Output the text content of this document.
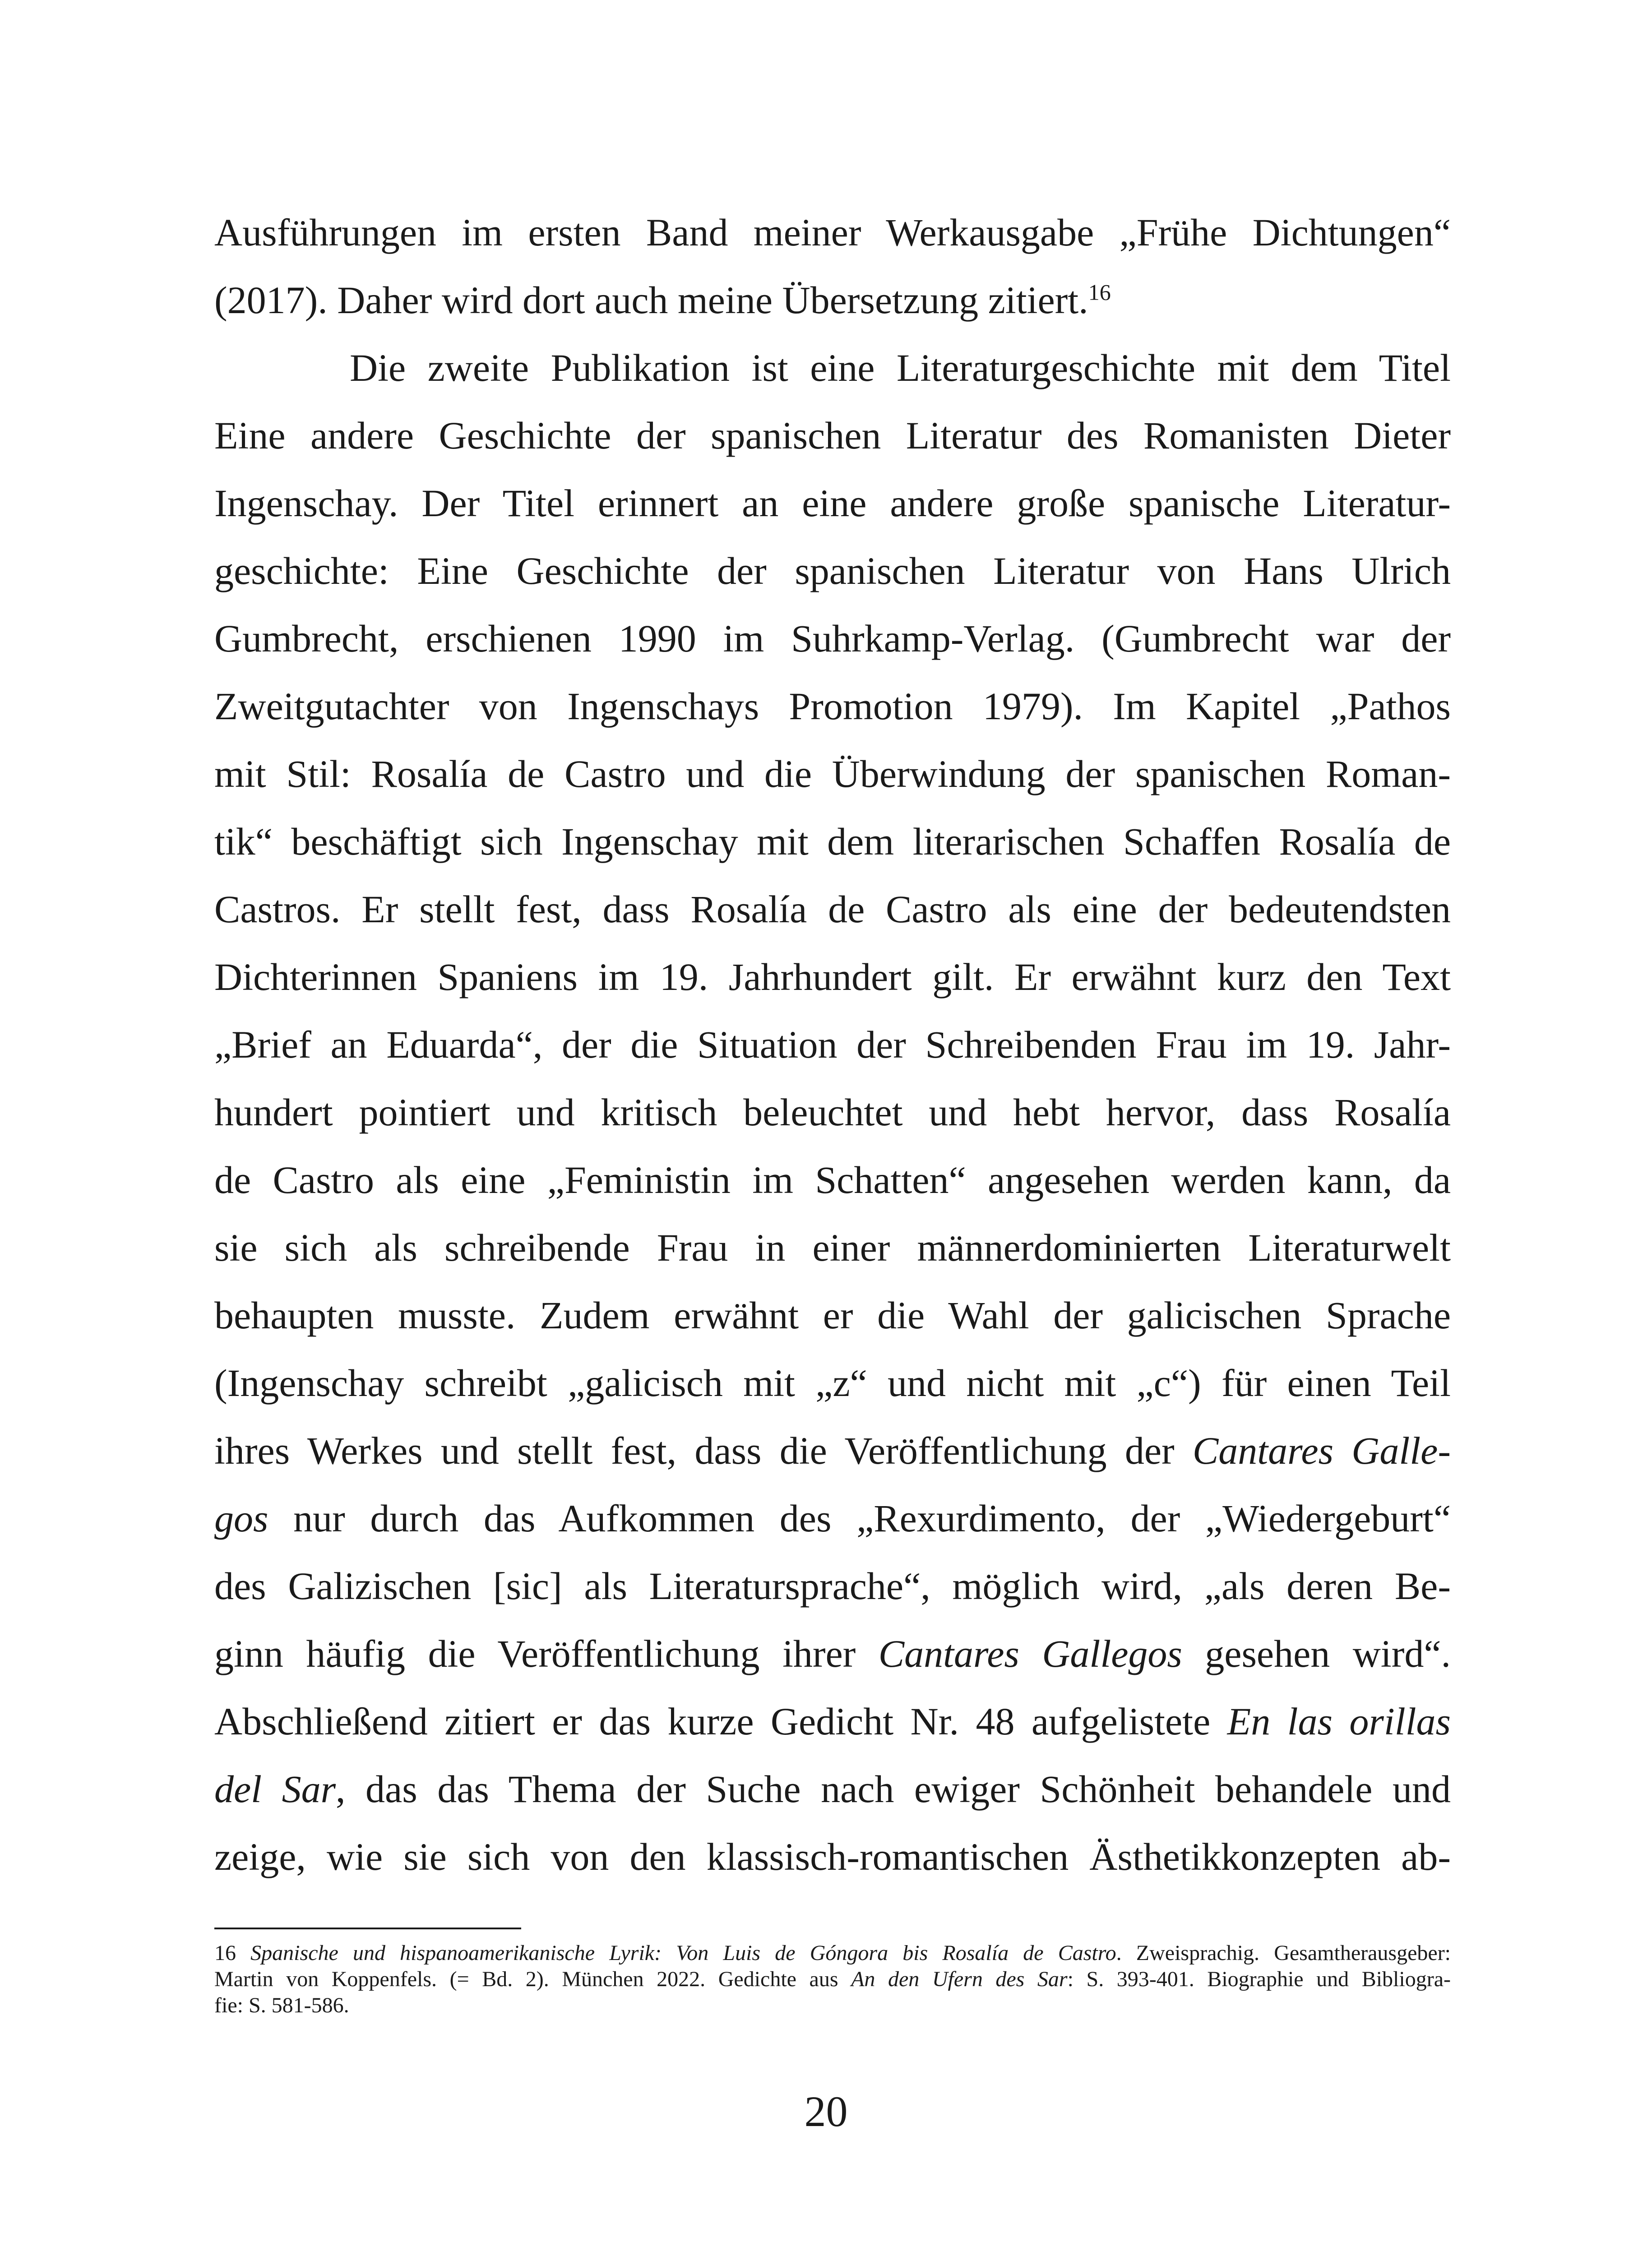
Ausführungen im ersten Band meiner Werkausgabe „Frühe Dichtungen“
(2017). Daher wird dort auch meine Übersetzung zitiert.$^{16}$
Die zweite Publikation ist eine Literaturgeschichte mit dem Titel
Eine andere Geschichte der spanischen Literatur des Romanisten Dieter
Ingenschay. Der Titel erinnert an eine andere große spanische Literatur-
geschichte: Eine Geschichte der spanischen Literatur von Hans Ulrich
Gumbrecht, erschienen 1990 im Suhrkamp-Verlag. (Gumbrecht war der
Zweitgutachter von Ingenschays Promotion 1979). Im Kapitel „Pathos
mit Stil: Rosalía de Castro und die Überwindung der spanischen Roman-
tik“ beschäftigt sich Ingenschay mit dem literarischen Schaffen Rosalía de
Castros. Er stellt fest, dass Rosalía de Castro als eine der bedeutendsten
Dichterinnen Spaniens im 19. Jahrhundert gilt. Er erwähnt kurz den Text
„Brief an Eduarda“, der die Situation der Schreibenden Frau im 19. Jahr-
hundert pointiert und kritisch beleuchtet und hebt hervor, dass Rosalía
de Castro als eine „Feministin im Schatten“ angesehen werden kann, da
sie sich als schreibende Frau in einer männerdominierten Literaturwelt
behaupten musste. Zudem erwähnt er die Wahl der galicischen Sprache
(Ingenschay schreibt „galicisch mit „z“ und nicht mit „c“) für einen Teil
ihres Werkes und stellt fest, dass die Veröffentlichung der Cantares Galle-
gos nur durch das Aufkommen des „Rexurdimento, der „Wiedergeburt“
des Galizischen [sic] als Literatursprache“, möglich wird, „als deren Be-
ginn häufig die Veröffentlichung ihrer Cantares Gallegos gesehen wird“.
Abschließend zitiert er das kurze Gedicht Nr. 48 aufgelistete En las orillas
del Sar, das das Thema der Suche nach ewiger Schönheit behandele und
zeige, wie sie sich von den klassisch-romantischen Ästhetikkonzepten ab-
16 Spanische und hispanoamerikanische Lyrik: Von Luis de Góngora bis Rosalía de Castro. Zweisprachig. Gesamtherausgeber:
Martin von Koppenfels. (= Bd. 2). München 2022. Gedichte aus An den Ufern des Sar: S. 393-401. Biographie und Bibliogra-
fie: S. 581-586.
20
